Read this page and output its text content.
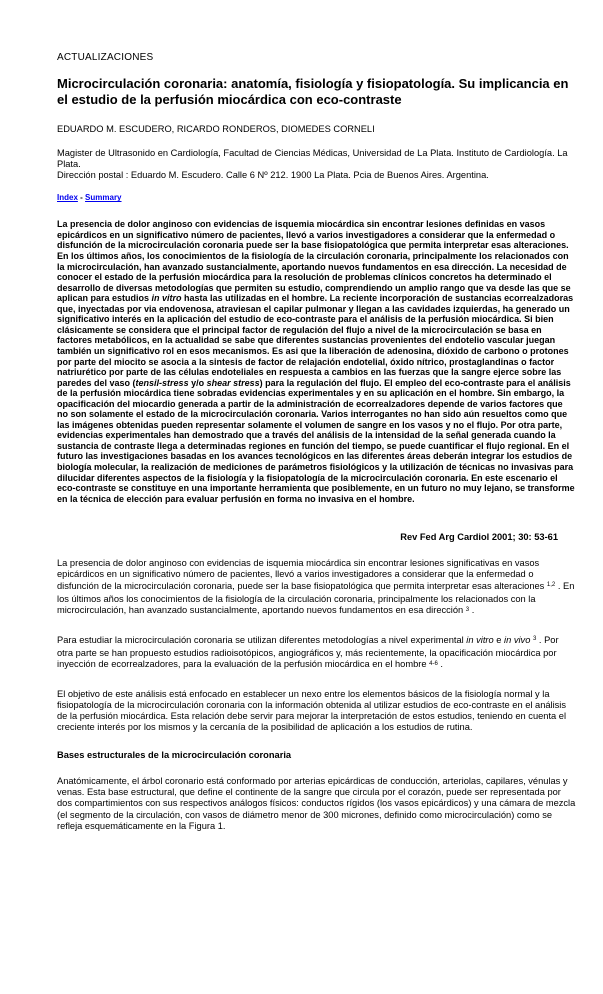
ACTUALIZACIONES
Microcirculación coronaria: anatomía, fisiología y fisiopatología. Su implicancia en el estudio de la perfusión miocárdica con eco-contraste
EDUARDO M. ESCUDERO, RICARDO RONDEROS, DIOMEDES CORNELI
Magister de Ultrasonido en Cardiología, Facultad de Ciencias Médicas, Universidad de La Plata. Instituto de Cardiología. La Plata.
Dirección postal : Eduardo M. Escudero. Calle 6 Nº 212. 1900 La Plata. Pcia de Buenos Aires. Argentina.
Index - Summary

La presencia de dolor anginoso con evidencias de isquemia miocárdica sin encontrar lesiones definidas en vasos epicárdicos en un significativo número de pacientes, llevó a varios investigadores a considerar que la enfermedad o disfunción de la microcirculación coronaria puede ser la base fisiopatológica que permita interpretar esas alteraciones. En los últimos años, los conocimientos de la fisiología de la circulación coronaria, principalmente los relacionados con la microcirculación, han avanzado sustancialmente, aportando nuevos fundamentos en esa dirección. La necesidad de conocer el estado de la perfusión miocárdica para la resolución de problemas clínicos concretos ha determinado el desarrollo de diversas metodologías que permiten su estudio, comprendiendo un amplio rango que va desde las que se aplican para estudios in vitro hasta las utilizadas en el hombre. La reciente incorporación de sustancias ecorrealzadoras que, inyectadas por via endovenosa, atraviesan el capilar pulmonar y llegan a las cavidades izquierdas, ha generado un significativo interés en la aplicación del estudio de eco-contraste para el análisis de la perfusión miocárdica. Si bien clásicamente se considera que el principal factor de regulación del flujo a nivel de la microcirculación se basa en factores metabólicos, en la actualidad se sabe que diferentes sustancias provenientes del endotelio vascular juegan también un significativo rol en esos mecanismos. Es asi que la liberación de adenosina, dióxido de carbono o protones por parte del miocito se asocia a la sintesis de factor de relajación endotelial, óxido nítrico, prostaglandinas o factor natriurético por parte de las células endoteliales en respuesta a cambios en las fuerzas que la sangre ejerce sobre las paredes del vaso (tensil-stress y/o shear stress) para la regulación del flujo. El empleo del eco-contraste para el análisis de la perfusión miocárdica tiene sobradas evidencias experimentales y en su aplicación en el hombre. Sin embargo, la opacificación del miocardio generada a partir de la administración de ecorrealzadores depende de varios factores que no son solamente el estado de la microcirculación coronaria. Varios interrogantes no han sido aún resueltos como que las imágenes obtenidas pueden representar solamente el volumen de sangre en los vasos y no el flujo. Por otra parte, evidencias experimentales han demostrado que a través del análisis de la intensidad de la señal generada cuando la sustancia de contraste llega a determinadas regiones en función del tiempo, se puede cuantificar el flujo regional. En el futuro las investigaciones basadas en los avances tecnológicos en las diferentes áreas deberán integrar los estudios de biología molecular, la realización de mediciones de parámetros fisiológicos y la utilización de técnicas no invasivas para dilucidar diferentes aspectos de la fisiología y la fisiopatología de la microcirculación coronaria. En este escenario el eco-contraste se constituye en una importante herramienta que posiblemente, en un futuro no muy lejano, se transforme en la técnica de elección para evaluar perfusión en forma no invasiva en el hombre.

Rev Fed Arg Cardiol 2001; 30: 53-61

La presencia de dolor anginoso con evidencias de isquemia miocárdica sin encontrar lesiones significativas en vasos epicárdicos en un significativo número de pacientes, llevó a varios investigadores a considerar que la enfermedad o disfunción de la microcirculación coronaria, puede ser la base fisiopatológica que permita interpretar esas alteraciones $^{1,2}$ . En los últimos años los conocimientos de la fisiología de la circulación coronaria, principalmente los relacionados con la microcirculación, han avanzado sustancialmente, aportando nuevos fundamentos en esa dirección $^3$ .

Para estudiar la microcirculación coronaria se utilizan diferentes metodologías a nivel experimental in vitro e in vivo $^3$ . Por otra parte se han propuesto estudios radioisotópicos, angiográficos y, más recientemente, la opacificación miocárdica por inyección de ecorrealzadores, para la evaluación de la perfusión miocárdica en el hombre $^{4-6}$ .

El objetivo de este análisis está enfocado en establecer un nexo entre los elementos básicos de la fisiología normal y la fisiopatología de la microcirculación coronaria con la información obtenida al utilizar estudios de eco-contraste en el análisis de la perfusión miocárdica. Esta relación debe servir para mejorar la interpretación de estos estudios, teniendo en cuenta el creciente interés por los mismos y la cercanía de la posibilidad de aplicación a los estudios de rutina.

Bases estructurales de la microcirculación coronaria

Anatómicamente, el árbol coronario está conformado por arterias epicárdicas de conducción, arteriolas, capilares, vénulas y venas. Esta base estructural, que define el continente de la sangre que circula por el corazón, puede ser representada por dos compartimientos con sus respectivos análogos físicos: conductos rígidos (los vasos epicárdicos) y una cámara de mezcla (el segmento de la circulación, con vasos de diámetro menor de 300 micrones, definido como microcirculación) como se refleja esquemáticamente en la Figura 1.
